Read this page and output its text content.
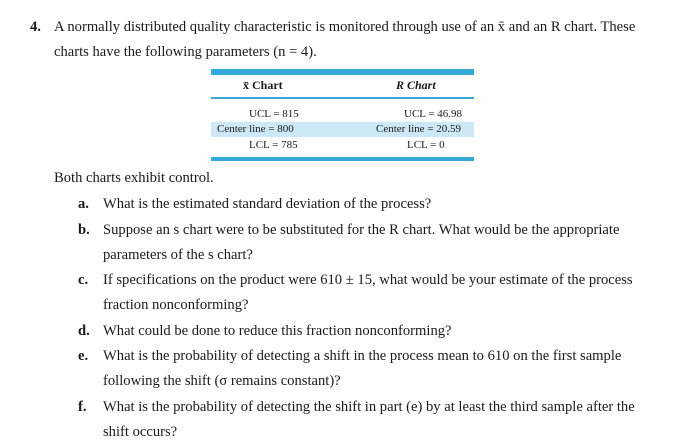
4. A normally distributed quality characteristic is monitored through use of an x̄ and an R chart. These
charts have the following parameters (n = 4).
x̄ Chart	R Chart
UCL = 815	UCL = 46.98
Center line = 800	Center line = 20.59
LCL = 785	LCL = 0
Both charts exhibit control.
a. What is the estimated standard deviation of the process?
b. Suppose an s chart were to be substituted for the R chart. What would be the appropriate
parameters of the s chart?
c. If specifications on the product were 610 ± 15, what would be your estimate of the process
fraction nonconforming?
d. What could be done to reduce this fraction nonconforming?
e. What is the probability of detecting a shift in the process mean to 610 on the first sample
following the shift (σ remains constant)?
f. What is the probability of detecting the shift in part (e) by at least the third sample after the
shift occurs?
